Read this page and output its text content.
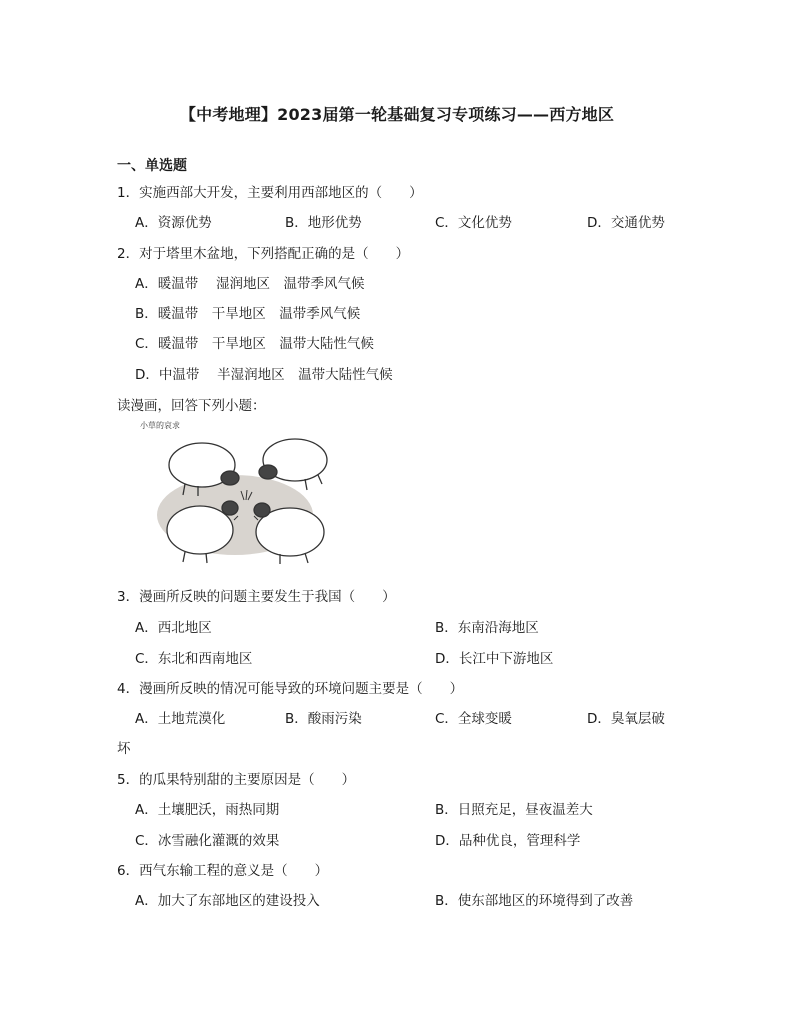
【中考地理】2023届第一轮基础复习专项练习——西方地区
一、单选题
1．实施西部大开发，主要利用西部地区的（　　）
A．资源优势	B．地形优势	C．文化优势	D．交通优势
2．对于塔里木盆地，下列搭配正确的是（　　）
A．暖温带　 湿润地区　温带季风气候
B．暖温带　干旱地区　温带季风气候
C．暖温带　干旱地区　温带大陆性气候
D．中温带　 半湿润地区　温带大陆性气候
读漫画，回答下列小题：
小草的哀求
3．漫画所反映的问题主要发生于我国（　　）
A．西北地区	B．东南沿海地区
C．东北和西南地区	D．长江中下游地区
4．漫画所反映的情况可能导致的环境问题主要是（　　）
A．土地荒漠化	B．酸雨污染	C．全球变暖	D．臭氧层破
坏
5．的瓜果特别甜的主要原因是（　　）
A．土壤肥沃，雨热同期	B．日照充足，昼夜温差大
C．冰雪融化灌溉的效果	D．品种优良，管理科学
6．西气东输工程的意义是（　　）
A．加大了东部地区的建设投入	B．使东部地区的环境得到了改善
